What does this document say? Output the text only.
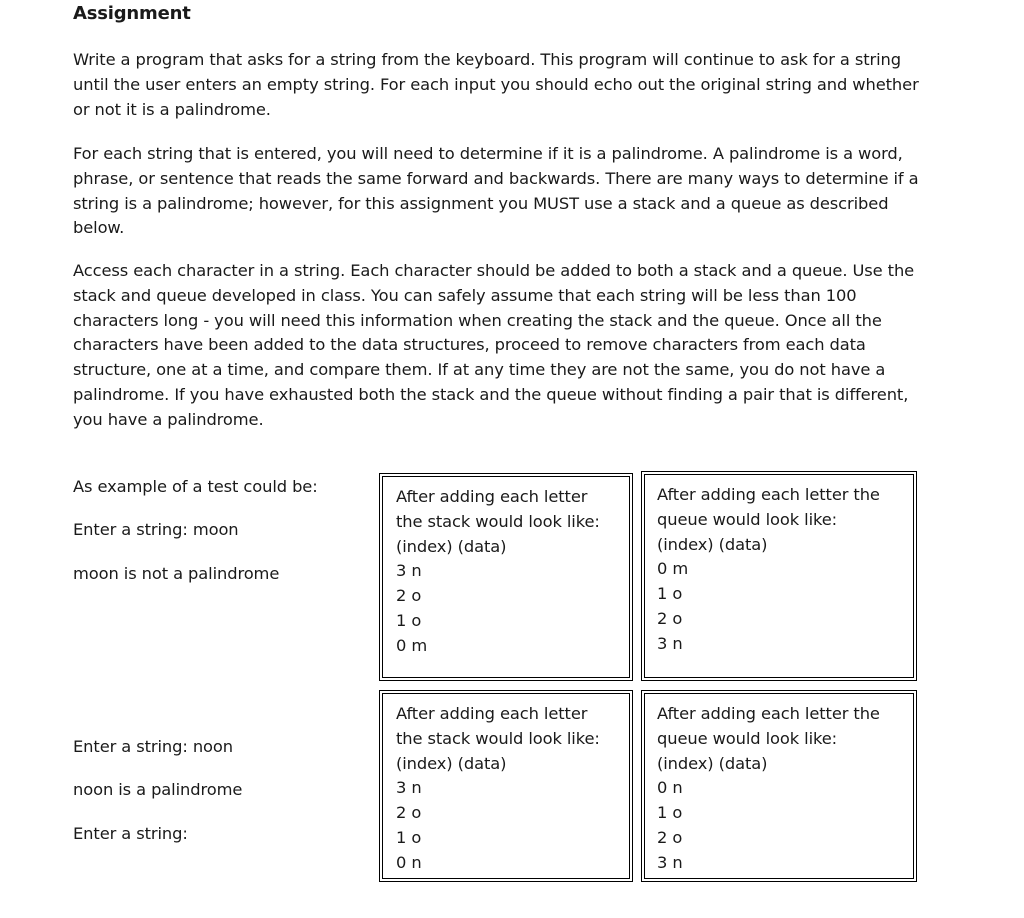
Assignment
Write a program that asks for a string from the keyboard. This program will continue to ask for a string
until the user enters an empty string. For each input you should echo out the original string and whether
or not it is a palindrome.
For each string that is entered, you will need to determine if it is a palindrome. A palindrome is a word,
phrase, or sentence that reads the same forward and backwards. There are many ways to determine if a
string is a palindrome; however, for this assignment you MUST use a stack and a queue as described
below.
Access each character in a string. Each character should be added to both a stack and a queue. Use the
stack and queue developed in class. You can safely assume that each string will be less than 100
characters long - you will need this information when creating the stack and the queue. Once all the
characters have been added to the data structures, proceed to remove characters from each data
structure, one at a time, and compare them. If at any time they are not the same, you do not have a
palindrome. If you have exhausted both the stack and the queue without finding a pair that is different,
you have a palindrome.
As example of a test could be:
Enter a string: moon
moon is not a palindrome
Enter a string: noon
noon is a palindrome
Enter a string:
After adding each letter
the stack would look like:
(index) (data)
3 n
2 o
1 o
0 m
After adding each letter the
queue would look like:
(index) (data)
0 m
1 o
2 o
3 n
After adding each letter
the stack would look like:
(index) (data)
3 n
2 o
1 o
0 n
After adding each letter the
queue would look like:
(index) (data)
0 n
1 o
2 o
3 n
